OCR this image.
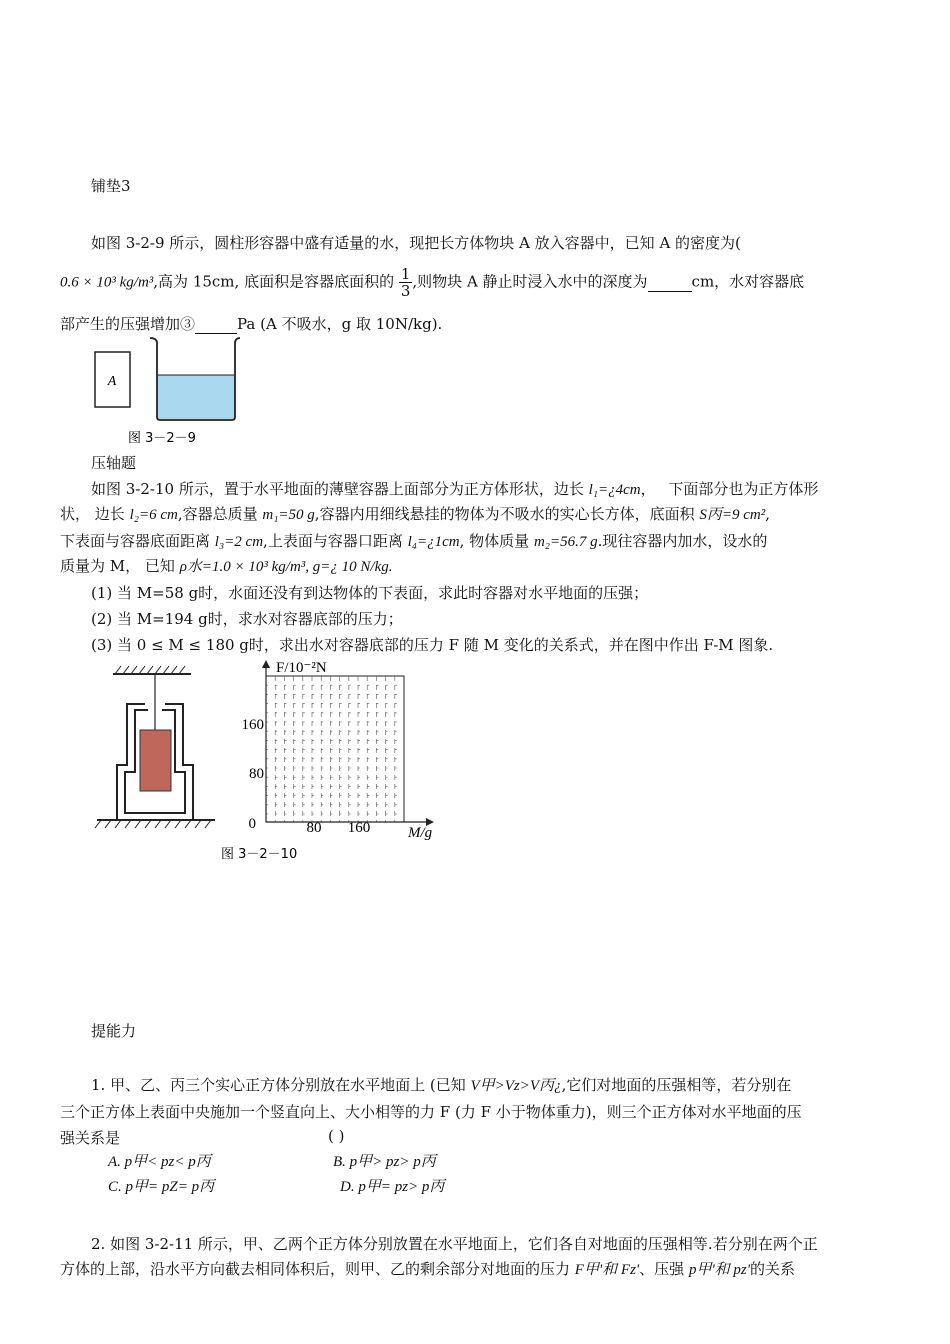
铺垫3
如图 3-2-9 所示，圆柱形容器中盛有适量的水，现把长方体物块 A 放入容器中，已知 A 的密度为(
0.6 × 10³ kg/m³,高为 15cm, 底面积是容器底面积的 $\frac{1}{3}$ ,则物块 A 静止时浸入水中的深度为	cm，水对容器底
部产生的压强增加③	Pa (A 不吸水，g 取 10N/kg).
A
图 3－2－9
压轴题
如图 3-2-10 所示，置于水平地面的薄壁容器上面部分为正方体形状，边长 l₁=¿4cm， 下面部分也为正方体形
状， 边长 l₂=6 cm,容器总质量 m₁=50 g,容器内用细线悬挂的物体为不吸水的实心长方体，底面积 S丙=9 cm²,
下表面与容器底面距离 l₃=2 cm,上表面与容器口距离 l₄=¿1cm, 物体质量 m₂=56.7 g.现往容器内加水，设水的
质量为 M， 已知 ρ水=1.0 × 10³ kg/m³, g=¿ 10 N/kg.
(1) 当 M=58 g时，水面还没有到达物体的下表面，求此时容器对水平地面的压强；
(2) 当 M=194 g时，求水对容器底部的压力；
(3) 当 0 ≤ M ≤ 180 g时，求出水对容器底部的压力 F 随 M 变化的关系式，并在图中作出 F-M 图象.
图 3－2－10
F/10⁻²N
0
80
160
80 160	M/g
提能力
1. 甲、乙、丙三个实心正方体分别放在水平地面上 (已知 V甲>Vz>V丙¿,它们对地面的压强相等，若分别在
三个正方体上表面中央施加一个竖直向上、大小相等的力 F (力 F 小于物体重力)，则三个正方体对水平地面的压
强关系是	( )
A. p甲< pz< p丙	B. p甲> pz> p丙
C. p甲= pZ= p丙	D. p甲= pz> p丙
2. 如图 3-2-11 所示，甲、乙两个正方体分别放置在水平地面上，它们各自对地面的压强相等.若分别在两个正
方体的上部，沿水平方向截去相同体积后，则甲、乙的剩余部分对地面的压力 F甲'和 Fz'、压强 p甲'和 pz'的关系
